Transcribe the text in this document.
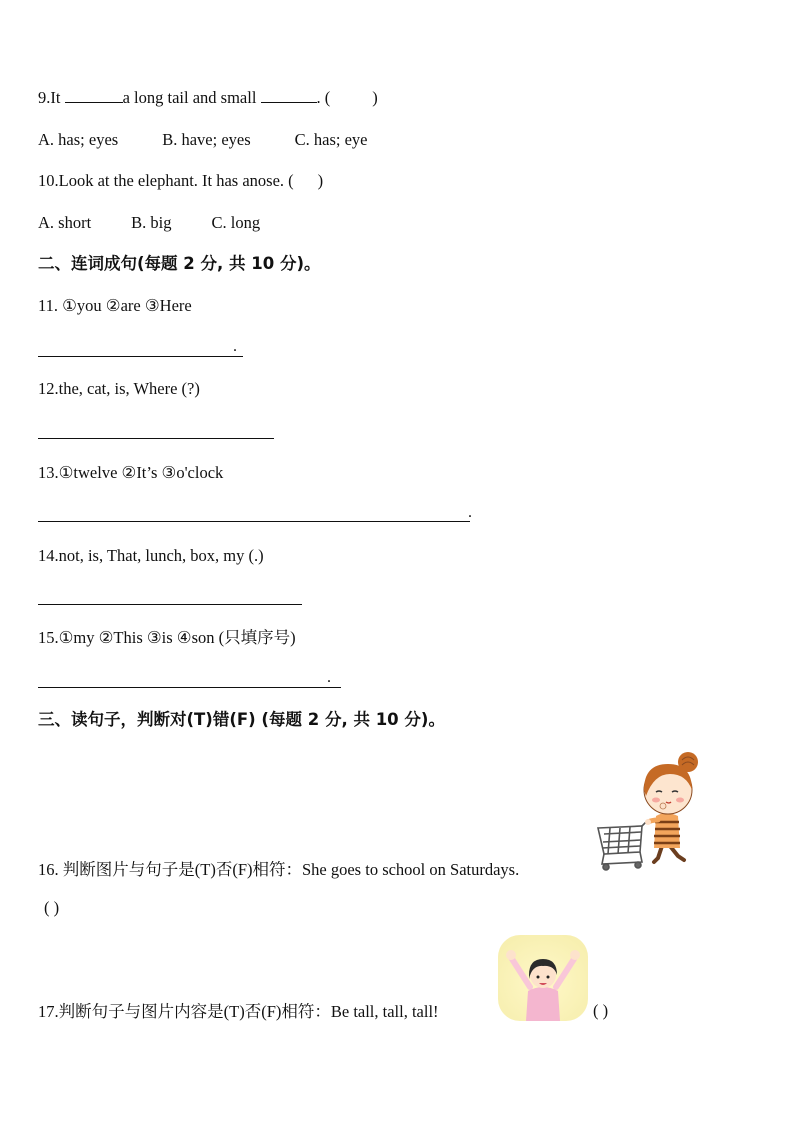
9.It	a long tail and small	. (	)
A. has; eyes	B. have; eyes	C. has; eye
10.Look at the elephant. It has anose. ( )
A. short B. big C. long
二、连词成句(每题 2 分, 共 10 分)。
11. ①you ②are ③Here
.
12.the, cat, is, Where (?)
13.①twelve ②It’s ③o'clock
.
14.not, is, That, lunch, box, my (.)
15.①my ②This ③is ④son (只填序号)
.
三、读句子，判断对(T)错(F) (每题 2 分, 共 10 分)。
16. 判断图片与句子是(T)否(F)相符：She goes to school on Saturdays.
( )
17.判断句子与图片内容是(T)否(F)相符：Be tall, tall, tall!	( )
